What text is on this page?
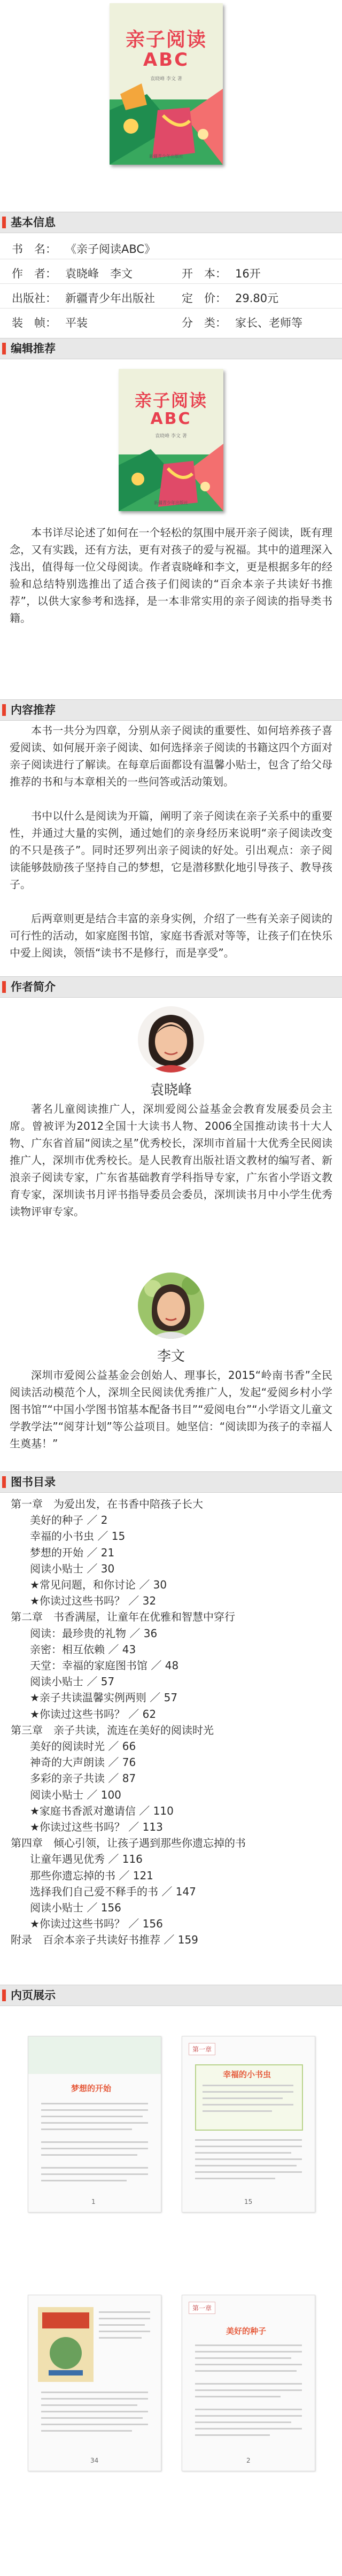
亲子阅读
ABC
袁晓峰 李文 著
新疆青少年出版社
基本信息
书　名： 《亲子阅读ABC》
作　者： 袁晓峰　李文	开　本： 16开
出版社： 新疆青少年出版社 定　价： 29.80元
装　帧： 平装	分　类： 家长、老师等
编辑推荐
亲子阅读
ABC
袁晓峰 李文 著
新疆青少年出版社

本书详尽论述了如何在一个轻松的氛围中展开亲子阅读，既有理念，又有实践，还有方法，更有对孩子的爱与祝福。其中的道理深入浅出，值得每一位父母阅读。作者袁晓峰和李文，更是根据多年的经验和总结特别选推出了适合孩子们阅读的“百余本亲子共读好书推荐”，以供大家参考和选择，是一本非常实用的亲子阅读的指导类书籍。

内容推荐

本书一共分为四章，分别从亲子阅读的重要性、如何培养孩子喜爱阅读、如何展开亲子阅读、如何选择亲子阅读的书籍这四个方面对亲子阅读进行了解读。在每章后面都设有温馨小贴士，包含了给父母推荐的书和与本章相关的一些问答或活动策划。

书中以什么是阅读为开篇，阐明了亲子阅读在亲子关系中的重要性，并通过大量的实例，通过她们的亲身经历来说明“亲子阅读改变的不只是孩子”。同时还罗列出亲子阅读的好处。引出观点：亲子阅读能够鼓励孩子坚持自己的梦想，它是潜移默化地引导孩子、教导孩子。

后两章则更是结合丰富的亲身实例，介绍了一些有关亲子阅读的可行性的活动，如家庭图书馆，家庭书香派对等等，让孩子们在快乐中爱上阅读，领悟“读书不是修行，而是享受”。

作者简介
袁晓峰

著名儿童阅读推广人，深圳爱阅公益基金会教育发展委员会主席。曾被评为2012全国十大读书人物、2006全国推动读书十大人物、广东省首届“阅读之星”优秀校长，深圳市首届十大优秀全民阅读推广人，深圳市优秀校长。是人民教育出版社语文教材的编写者、新浪亲子阅读专家，广东省基础教育学科指导专家，广东省小学语文教育专家，深圳读书月评书指导委员会委员，深圳读书月中小学生优秀读物评审专家。

李文

深圳市爱阅公益基金会创始人、理事长，2015“岭南书香”全民阅读活动模范个人，深圳全民阅读优秀推广人，发起“爱阅乡村小学图书馆”“中国小学图书馆基本配备书目”“爱阅电台”“小学语文儿童文学教学法”“阅芽计划”等公益项目。她坚信：“阅读即为孩子的幸福人生奠基！”

图书目录
第一章　为爱出发，在书香中陪孩子长大
美好的种子 ／ 2
幸福的小书虫 ／ 15
梦想的开始 ／ 21
阅读小贴士 ／ 30
★常见问题，和你讨论 ／ 30
★你读过这些书吗？ ／ 32
第二章　书香满屋，让童年在优雅和智慧中穿行
阅读：最珍贵的礼物 ／ 36
亲密：相互依赖 ／ 43
天堂：幸福的家庭图书馆 ／ 48
阅读小贴士 ／ 57
★亲子共读温馨实例两则 ／ 57
★你读过这些书吗？ ／ 62
第三章　亲子共读，流连在美好的阅读时光
美好的阅读时光 ／ 66
神奇的大声朗读 ／ 76
多彩的亲子共读 ／ 87
阅读小贴士 ／ 100
★家庭书香派对邀请信 ／ 110
★你读过这些书吗？ ／ 113
第四章　倾心引领，让孩子遇到那些你遗忘掉的书
让童年遇见优秀 ／ 116
那些你遗忘掉的书 ／ 121
选择我们自己爱不释手的书 ／ 147
阅读小贴士 ／ 156
★你读过这些书吗？ ／ 156
附录　百余本亲子共读好书推荐 ／ 159
内页展示
梦想的开始
1
第一章
幸福的小书虫
15
34
第一章
美好的种子
2
